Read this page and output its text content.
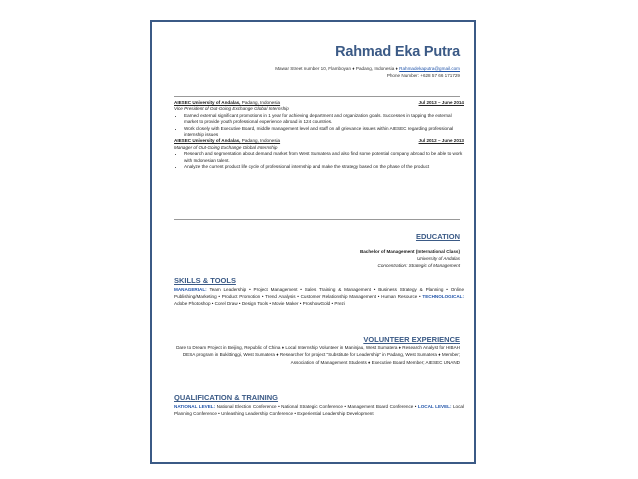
Rahmad Eka Putra
Mawar Street number 10, Flamboyan ♦ Padang, Indonesia ♦ Rahmadekaputra@gmail.com
Phone Number: +628 57 66 171729
AIESEC University of Andalas, Padang, Indonesia	Jul 2013 – June 2014
Vice President of Out-Going Exchange Global Internship
• Earned external significant promotions in 1 year for achieving department and organization goals. Successes in tapping the external market to provide youth professional experience abroad in 124 countries.
• Work closely with Executive Board, middle management level and staff on all grievance issues within AIESEC regarding professional internship issues
AIESEC University of Andalas, Padang, Indonesia	Jul 2012 – June 2013
Manager of Out-Going Exchange Global Internship
• Research and segmentation about demand market from West Sumatera and also find some potential company abroad to be able to work with Indonesian talent.
• Analyze the current product life cycle of professional internship and make the strategy based on the phase of the product
EDUCATION
Bachelor of Management (International Class)
University of Andalas
Concentration: Strategic of Management
SKILLS & TOOLS
MANAGERIAL: Team Leadership • Project Management • Sales Training & Management • Business Strategy & Planning • Online Publishing/Marketing • Product Promotion • Trend Analysis • Customer Relationship Management • Human Resource • TECHNOLOGICAL: Adobe Photoshop • Corel Draw • Design Tools • Movie Maker • ProshowGold • Prezi
VOLUNTEER EXPERIENCE
Dare to Dream Project in Beijing, Republic of China ♦ Local Internship Volunteer in Maninjau, West Sumatera ♦ Research Analyst for HIBAH DESA program in Bukittinggi, West Sumatera ♦ Researcher for project "Substitute for Leadership" in Padang, West Sumatera ♦ Member; Association of Management Students ♦ Executive Board Member; AIESEC UNAND
QUALIFICATION & TRAINING
NATIONAL LEVEL: National Election Conference • National Strategic Conference • Management Board Conference • LOCAL LEVEL: Local Planning Conference • Unleashing Leadership Conference • Experiential Leadership Development
